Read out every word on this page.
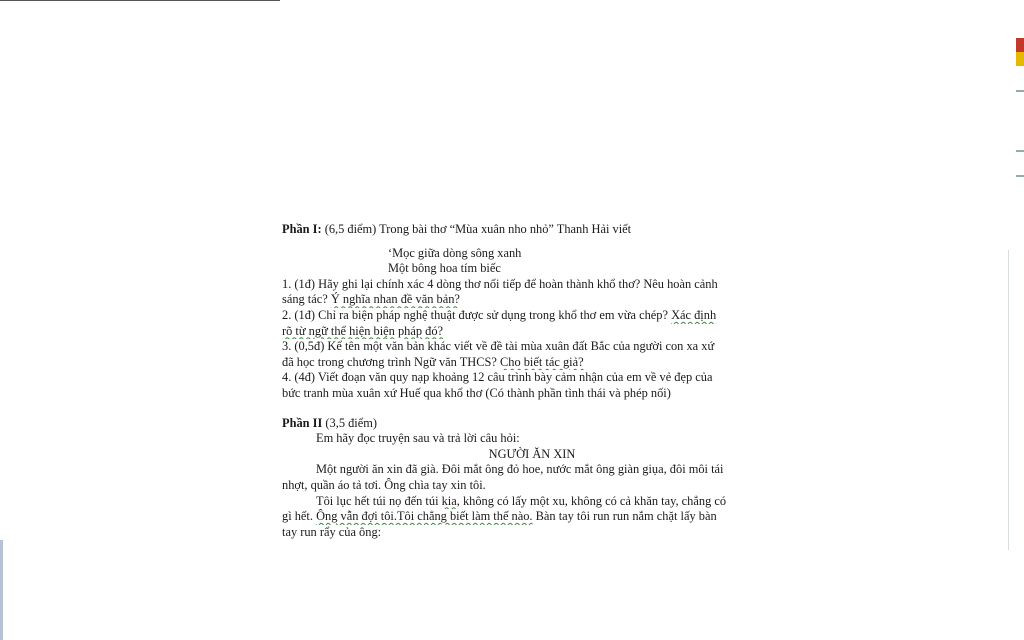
Phần I: (6,5 điểm) Trong bài thơ “Mùa xuân nho nhỏ” Thanh Hải viết
‘Mọc giữa dòng sông xanh
Một bông hoa tím biếc
1. (1đ) Hãy ghi lại chính xác 4 dòng thơ nối tiếp để hoàn thành khổ thơ? Nêu hoàn cảnh
sáng tác? Ý nghĩa nhan đề văn bản?
2. (1đ) Chỉ ra biện pháp nghệ thuật được sử dụng trong khổ thơ em vừa chép? Xác định
rõ từ ngữ thể hiện biện pháp đó?
3. (0,5đ) Kể tên một văn bản khác viết về đề tài mùa xuân đất Bắc của người con xa xứ
đã học trong chương trình Ngữ văn THCS? Cho biết tác giả?
4. (4đ) Viết đoạn văn quy nạp khoảng 12 câu trình bày cảm nhận của em về vẻ đẹp của
bức tranh mùa xuân xứ Huế qua khổ thơ (Có thành phần tình thái và phép nối)
Phần II (3,5 điểm)
Em hãy đọc truyện sau và trả lời câu hỏi:
NGƯỜI ĂN XIN
Một người ăn xin đã già. Đôi mắt ông đỏ hoe, nước mắt ông giàn giụa, đôi môi tái
nhợt, quần áo tả tơi. Ông chìa tay xin tôi.
Tôi lục hết túi nọ đến túi kia, không có lấy một xu, không có cả khăn tay, chẳng có
gì hết. Ông vẫn đợi tôi.Tôi chẳng biết làm thế nào. Bàn tay tôi run run nắm chặt lấy bàn
tay run rẩy của ông:
